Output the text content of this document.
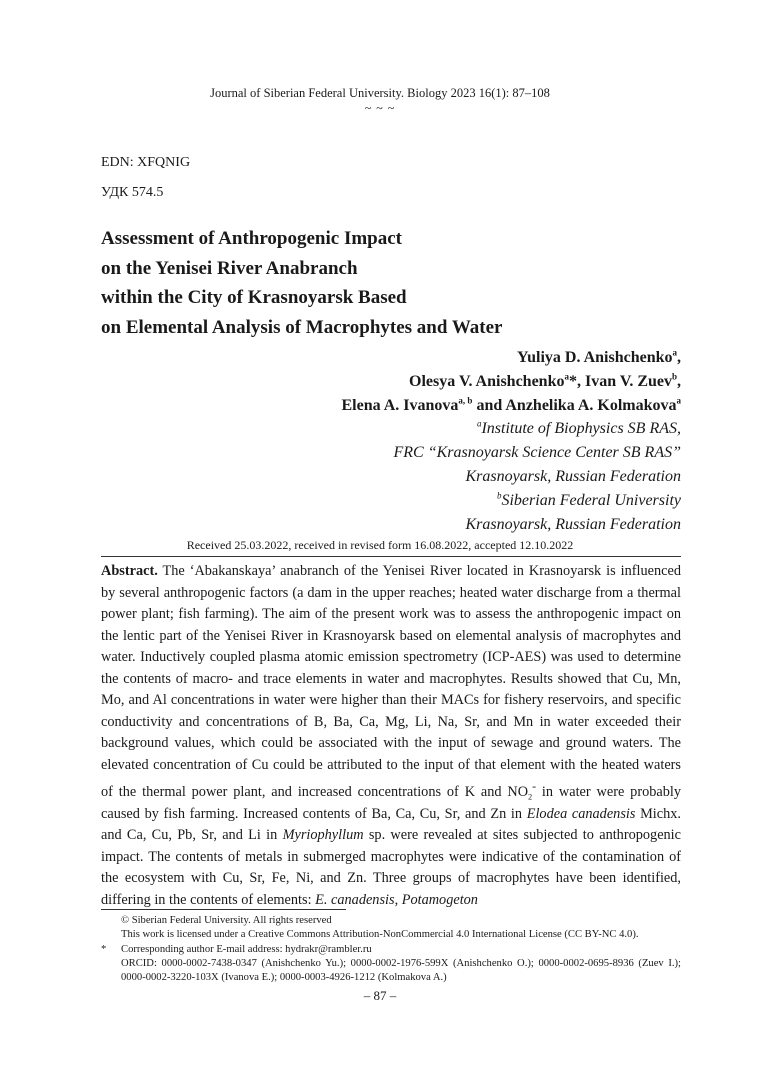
Journal of Siberian Federal University. Biology 2023 16(1): 87–108
~ ~ ~
EDN: XFQNIG
УДК 574.5
Assessment of Anthropogenic Impact
on the Yenisei River Anabranch
within the City of Krasnoyarsk Based
on Elemental Analysis of Macrophytes and Water
Yuliya D. Anishchenko$^a$,
Olesya V. Anishchenko$^a$*, Ivan V. Zuev$^b$,
Elena A. Ivanova$^{a, b}$ and Anzhelika A. Kolmakova$^a$
$^a$Institute of Biophysics SB RAS,
FRC “Krasnoyarsk Science Center SB RAS”
Krasnoyarsk, Russian Federation
$^b$Siberian Federal University
Krasnoyarsk, Russian Federation
Received 25.03.2022, received in revised form 16.08.2022, accepted 12.10.2022
Abstract. The ‘Abakanskaya’ anabranch of the Yenisei River located in Krasnoyarsk is influenced by several anthropogenic factors (a dam in the upper reaches; heated water discharge from a thermal power plant; fish farming). The aim of the present work was to assess the anthropogenic impact on the lentic part of the Yenisei River in Krasnoyarsk based on elemental analysis of macrophytes and water. Inductively coupled plasma atomic emission spectrometry (ICP-AES) was used to determine the contents of macro- and trace elements in water and macrophytes. Results showed that Cu, Mn, Mo, and Al concentrations in water were higher than their MACs for fishery reservoirs, and specific conductivity and concentrations of B, Ba, Ca, Mg, Li, Na, Sr, and Mn in water exceeded their background values, which could be associated with the input of sewage and ground waters. The elevated concentration of Cu could be attributed to the input of that element with the heated waters of the thermal power plant, and increased concentrations of K and $NO_2^-$ in water were probably caused by fish farming. Increased contents of Ba, Ca, Cu, Sr, and Zn in Elodea canadensis Michx. and Ca, Cu, Pb, Sr, and Li in Myriophyllum sp. were revealed at sites subjected to anthropogenic impact. The contents of metals in submerged macrophytes were indicative of the contamination of the ecosystem with Cu, Sr, Fe, Ni, and Zn. Three groups of macrophytes have been identified, differing in the contents of elements: E. canadensis, Potamogeton
© Siberian Federal University. All rights reserved
This work is licensed under a Creative Commons Attribution-NonCommercial 4.0 International License (CC BY-NC 4.0).
* Corresponding author E-mail address: hydrakr@rambler.ru
ORCID: 0000-0002-7438-0347 (Anishchenko Yu.); 0000-0002-1976-599X (Anishchenko O.); 0000-0002-0695-8936 (Zuev I.); 0000-0002-3220-103X (Ivanova E.); 0000-0003-4926-1212 (Kolmakova A.)
– 87 –
